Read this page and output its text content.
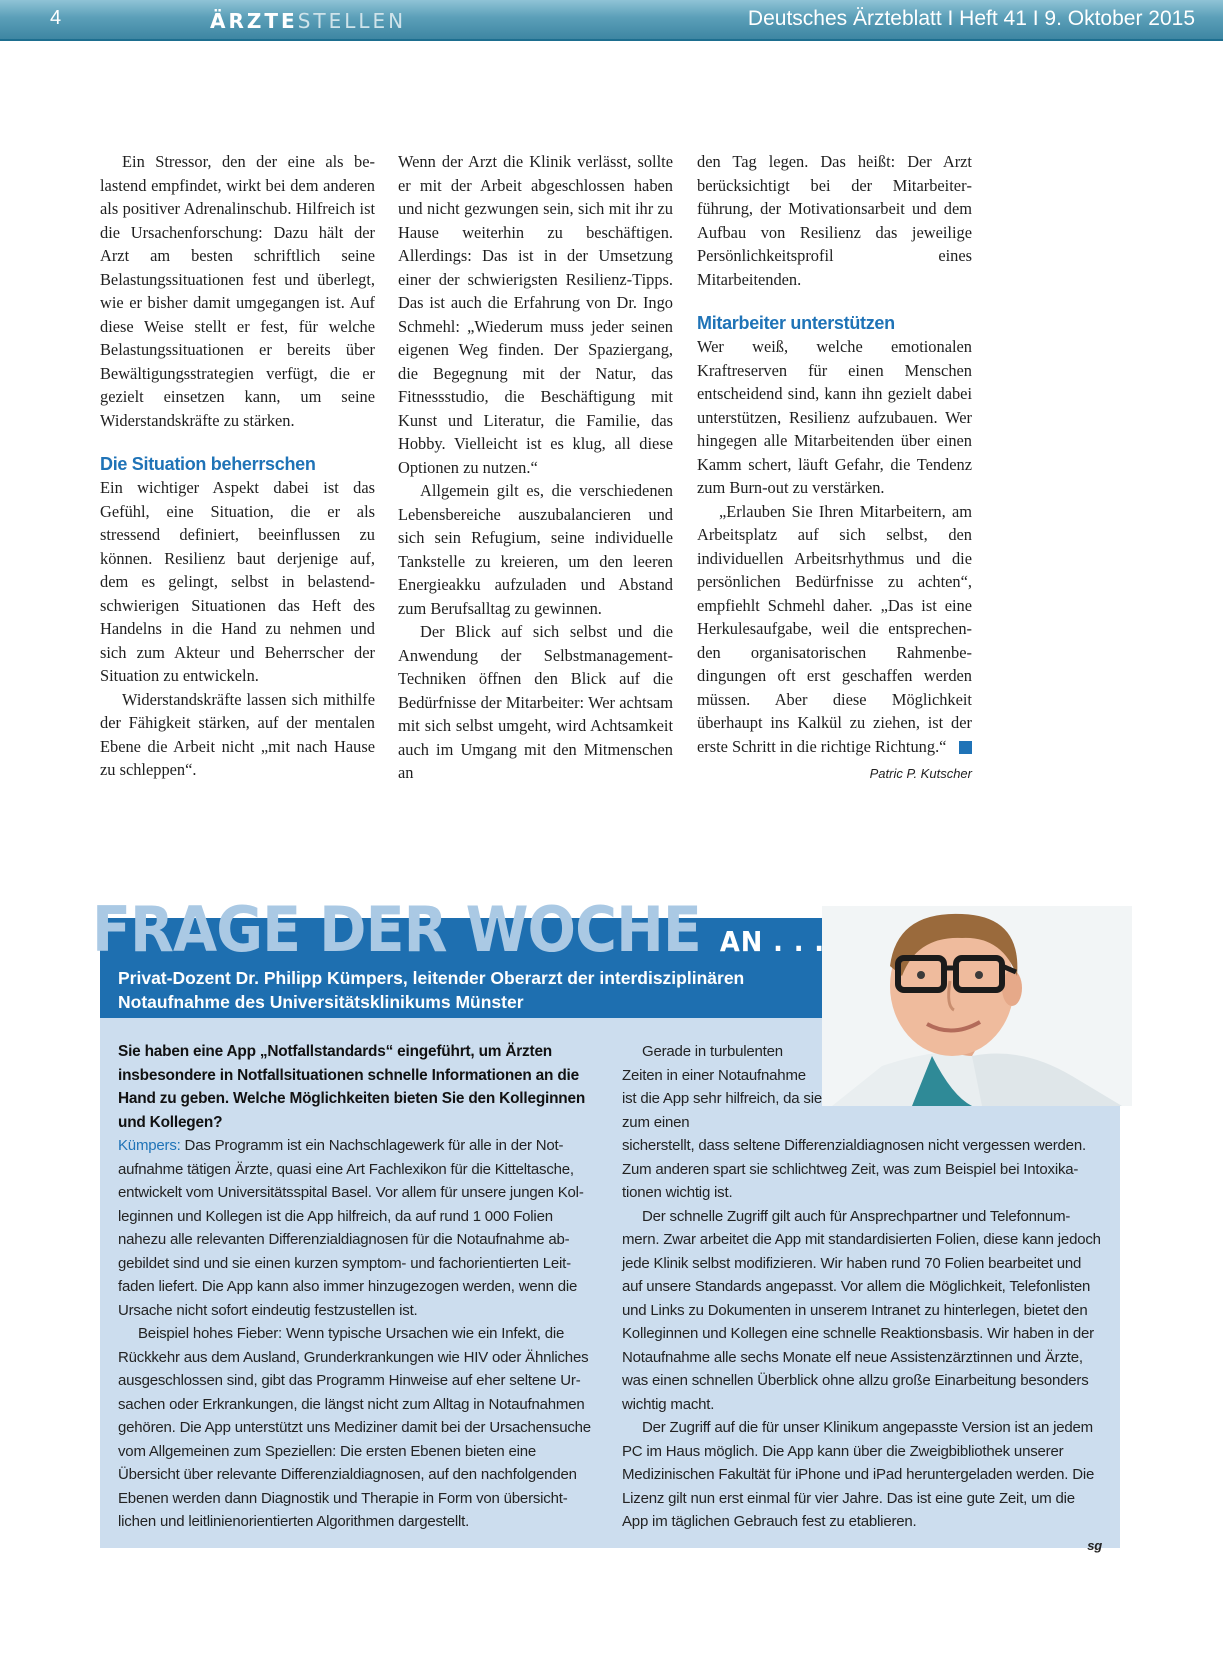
4	ÄRZTESTELLEN	Deutsches Ärzteblatt I Heft 41 I 9. Oktober 2015

Ein Stressor, den der eine als belastend empfindet, wirkt bei dem anderen als positiver Adrenalinschub. Hilfreich ist die Ursachenforschung: Dazu hält der Arzt am besten schriftlich seine Belastungssituationen fest und überlegt, wie er bisher damit umgegangen ist. Auf diese Weise stellt er fest, für welche Belastungssituationen er bereits über Bewältigungsstrategien verfügt, die er gezielt einsetzen kann, um seine Widerstandskräfte zu stärken.

Die Situation beherrschen

Ein wichtiger Aspekt dabei ist das Gefühl, eine Situation, die er als stressend definiert, beeinflussen zu können. Resilienz baut derjenige auf, dem es gelingt, selbst in belastend-schwierigen Situationen das Heft des Handelns in die Hand zu nehmen und sich zum Akteur und Beherrscher der Situation zu entwickeln.

Widerstandskräfte lassen sich mithilfe der Fähigkeit stärken, auf der mentalen Ebene die Arbeit nicht „mit nach Hause zu schleppen“.

Wenn der Arzt die Klinik verlässt, sollte er mit der Arbeit abgeschlossen haben und nicht gezwungen sein, sich mit ihr zu Hause weiterhin zu beschäftigen. Allerdings: Das ist in der Umsetzung einer der schwierigsten Resilienz-Tipps. Das ist auch die Erfahrung von Dr. Ingo Schmehl: „Wiederum muss jeder seinen eigenen Weg finden. Der Spaziergang, die Begegnung mit der Natur, das Fitnessstudio, die Beschäftigung mit Kunst und Literatur, die Familie, das Hobby. Vielleicht ist es klug, all diese Optionen zu nutzen.“

Allgemein gilt es, die verschiedenen Lebensbereiche auszubalancieren und sich sein Refugium, seine individuelle Tankstelle zu kreieren, um den leeren Energieakku aufzuladen und Abstand zum Berufsalltag zu gewinnen.

Der Blick auf sich selbst und die Anwendung der Selbstmanagement-Techniken öffnen den Blick auf die Bedürfnisse der Mitarbeiter: Wer achtsam mit sich selbst umgeht, wird Achtsamkeit auch im Umgang mit den Mitmenschen an

den Tag legen. Das heißt: Der Arzt berücksichtigt bei der Mitarbeiterführung, der Motivationsarbeit und dem Aufbau von Resilienz das jeweilige Persönlichkeitsprofil eines Mitarbeitenden.

Mitarbeiter unterstützen

Wer weiß, welche emotionalen Kraftreserven für einen Menschen entscheidend sind, kann ihn gezielt dabei unterstützen, Resilienz aufzubauen. Wer hingegen alle Mitarbeitenden über einen Kamm schert, läuft Gefahr, die Tendenz zum Burn-out zu verstärken.

„Erlauben Sie Ihren Mitarbeitern, am Arbeitsplatz auf sich selbst, den individuellen Arbeitsrhythmus und die persönlichen Bedürfnisse zu achten“, empfiehlt Schmehl daher. „Das ist eine Herkulesaufgabe, weil die entsprechenden organisatorischen Rahmenbedingungen oft erst geschaffen werden müssen. Aber diese Möglichkeit überhaupt ins Kalkül zu ziehen, ist der erste Schritt in die richtige Richtung.“

Patric P. Kutscher
FRAGE DER WOCHE AN . . .
Privat-Dozent Dr. Philipp Kümpers, leitender Oberarzt der interdisziplinären Notaufnahme des Universitätsklinikums Münster

Sie haben eine App „Notfallstandards“ eingeführt, um Ärzten insbesondere in Notfallsituationen schnelle Informationen an die Hand zu geben. Welche Möglichkeiten bieten Sie den Kolleginnen und Kollegen?

Kümpers: Das Programm ist ein Nachschlagewerk für alle in der Notaufnahme tätigen Ärzte, quasi eine Art Fachlexikon für die Kitteltasche, entwickelt vom Universitätsspital Basel. Vor allem für unsere jungen Kolleginnen und Kollegen ist die App hilfreich, da auf rund 1 000 Folien nahezu alle relevanten Differenzialdiagnosen für die Notaufnahme abgebildet sind und sie einen kurzen symptom- und fachorientierten Leitfaden liefert. Die App kann also immer hinzugezogen werden, wenn die Ursache nicht sofort eindeutig festzustellen ist.

Beispiel hohes Fieber: Wenn typische Ursachen wie ein Infekt, die Rückkehr aus dem Ausland, Grunderkrankungen wie HIV oder Ähnliches ausgeschlossen sind, gibt das Programm Hinweise auf eher seltene Ursachen oder Erkrankungen, die längst nicht zum Alltag in Notaufnahmen gehören. Die App unterstützt uns Mediziner damit bei der Ursachensuche vom Allgemeinen zum Speziellen: Die ersten Ebenen bieten eine Übersicht über relevante Differenzialdiagnosen, auf den nachfolgenden Ebenen werden dann Diagnostik und Therapie in Form von übersichtlichen und leitlinienorientierten Algorithmen dargestellt.

Gerade in turbulenten Zeiten in einer Notaufnahme ist die App sehr hilfreich, da sie zum einen

sicherstellt, dass seltene Differenzialdiagnosen nicht vergessen werden. Zum anderen spart sie schlichtweg Zeit, was zum Beispiel bei Intoxikationen wichtig ist.

Der schnelle Zugriff gilt auch für Ansprechpartner und Telefonnummern. Zwar arbeitet die App mit standardisierten Folien, diese kann jedoch jede Klinik selbst modifizieren. Wir haben rund 70 Folien bearbeitet und auf unsere Standards angepasst. Vor allem die Möglichkeit, Telefonlisten und Links zu Dokumenten in unserem Intranet zu hinterlegen, bietet den Kolleginnen und Kollegen eine schnelle Reaktionsbasis. Wir haben in der Notaufnahme alle sechs Monate elf neue Assistenzärztinnen und Ärzte, was einen schnellen Überblick ohne allzu große Einarbeitung besonders wichtig macht.

Der Zugriff auf die für unser Klinikum angepasste Version ist an jedem PC im Haus möglich. Die App kann über die Zweigbibliothek unserer Medizinischen Fakultät für iPhone und iPad heruntergeladen werden. Die Lizenz gilt nun erst einmal für vier Jahre. Das ist eine gute Zeit, um die App im täglichen Gebrauch fest zu etablieren.

sg
